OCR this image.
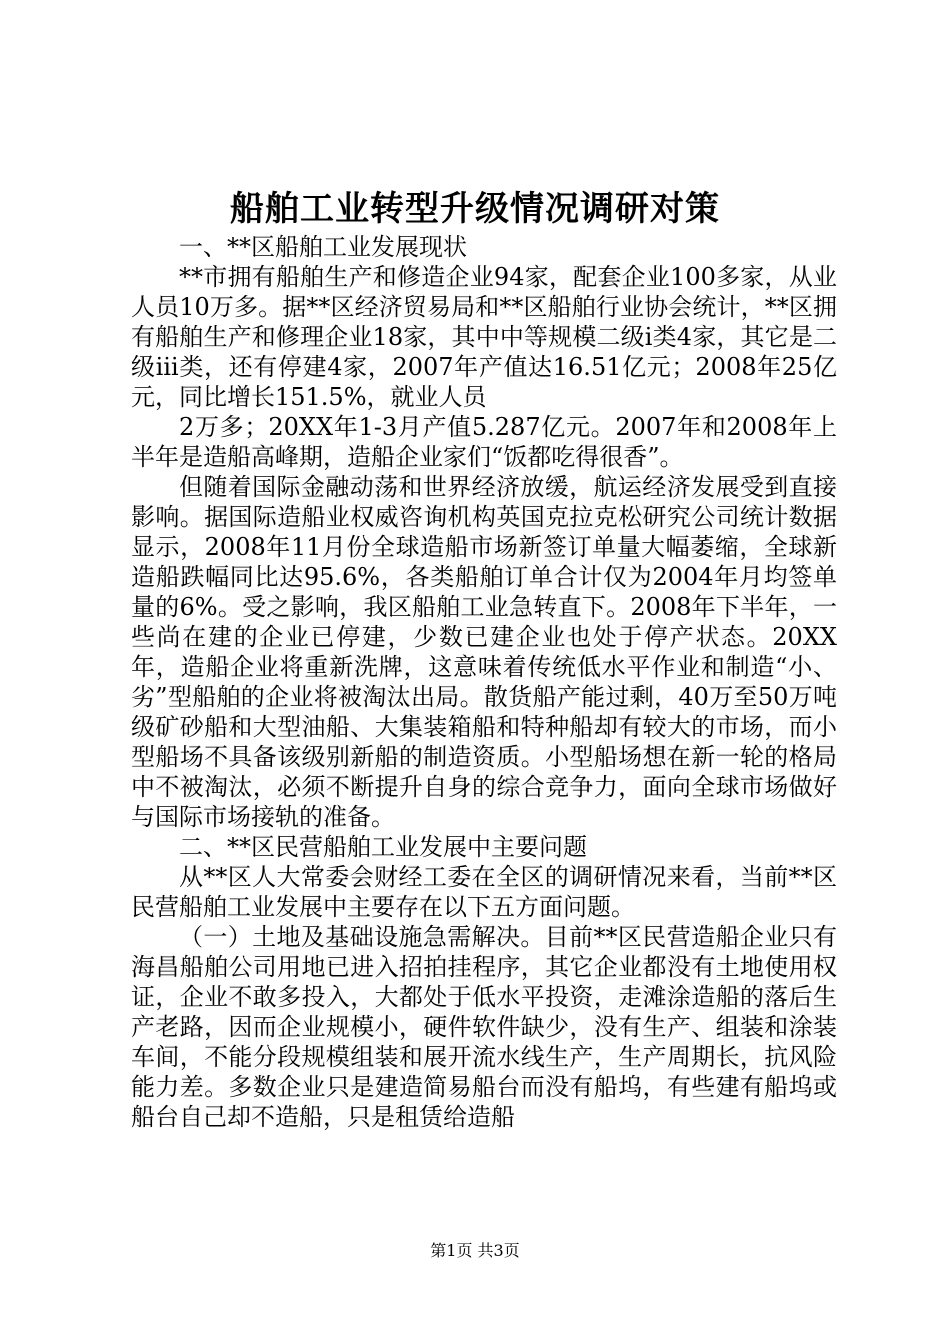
船舶工业转型升级情况调研对策

一、**区船舶工业发展现状

**市拥有船舶生产和修造企业94家，配套企业100多家，从业人员10万多。据**区经济贸易局和**区船舶行业协会统计，**区拥有船舶生产和修理企业18家，其中中等规模二级ⅰ类4家，其它是二级ⅲ类，还有停建4家，2007年产值达16.51亿元；2008年25亿元，同比增长151.5%，就业人员

2万多；20XX年1-3月产值5.287亿元。2007年和2008年上半年是造船高峰期，造船企业家们“饭都吃得很香”。

但随着国际金融动荡和世界经济放缓，航运经济发展受到直接影响。据国际造船业权威咨询机构英国克拉克松研究公司统计数据显示，2008年11月份全球造船市场新签订单量大幅萎缩，全球新造船跌幅同比达95.6%，各类船舶订单合计仅为2004年月均签单量的6%。受之影响，我区船舶工业急转直下。2008年下半年，一些尚在建的企业已停建，少数已建企业也处于停产状态。20XX年，造船企业将重新洗牌，这意味着传统低水平作业和制造“小、劣”型船舶的企业将被淘汰出局。散货船产能过剩，40万至50万吨级矿砂船和大型油船、大集装箱船和特种船却有较大的市场，而小型船场不具备该级别新船的制造资质。小型船场想在新一轮的格局中不被淘汰，必须不断提升自身的综合竞争力，面向全球市场做好与国际市场接轨的准备。

二、**区民营船舶工业发展中主要问题

从**区人大常委会财经工委在全区的调研情况来看，当前**区民营船舶工业发展中主要存在以下五方面问题。

（一）土地及基础设施急需解决。目前**区民营造船企业只有海昌船舶公司用地已进入招拍挂程序，其它企业都没有土地使用权证，企业不敢多投入，大都处于低水平投资，走滩涂造船的落后生产老路，因而企业规模小，硬件软件缺少，没有生产、组装和涂装车间，不能分段规模组装和展开流水线生产，生产周期长，抗风险能力差。多数企业只是建造简易船台而没有船坞，有些建有船坞或船台自己却不造船，只是租赁给造船

第1页 共3页
